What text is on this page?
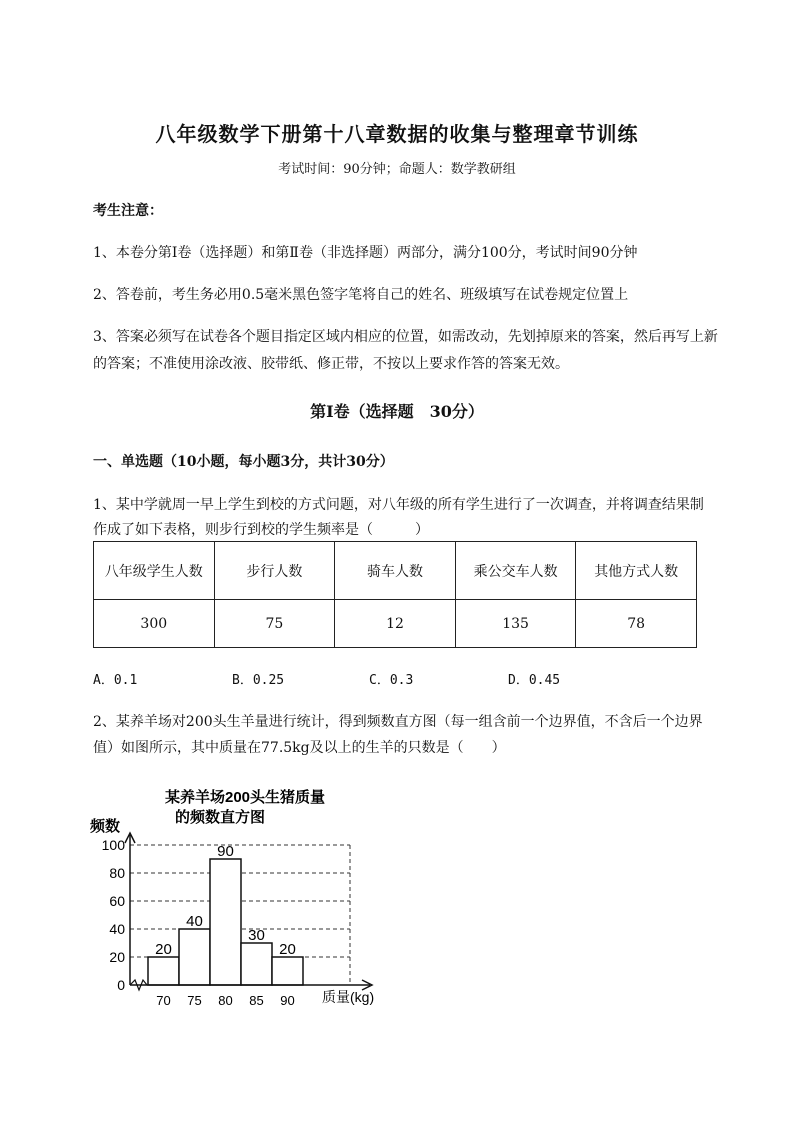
八年级数学下册第十八章数据的收集与整理章节训练
考试时间：90分钟；命题人：数学教研组
考生注意：
1、本卷分第I卷（选择题）和第Ⅱ卷（非选择题）两部分，满分100分，考试时间90分钟
2、答卷前，考生务必用0.5毫米黑色签字笔将自己的姓名、班级填写在试卷规定位置上
3、答案必须写在试卷各个题目指定区域内相应的位置，如需改动，先划掉原来的答案，然后再写上新
的答案；不准使用涂改液、胶带纸、修正带，不按以上要求作答的答案无效。
第I卷（选择题　30分）
一、单选题（10小题，每小题3分，共计30分）
1、某中学就周一早上学生到校的方式问题，对八年级的所有学生进行了一次调查，并将调查结果制
作成了如下表格，则步行到校的学生频率是（　　　）
八年级学生人数	步行人数	骑车人数	乘公交车人数	其他方式人数
300	75	12	135	78
A．0.1	B．0.25	C．0.3	D．0.45
2、某养羊场对200头生羊量进行统计，得到频数直方图（每一组含前一个边界值，不含后一个边界
值）如图所示，其中质量在77.5kg及以上的生羊的只数是（　　）
某养羊场200头生猪质量
的频数直方图
频数
质量(kg)
0
20
40
60
80
100
20
40
90
30
20
70 75 80 85 90
